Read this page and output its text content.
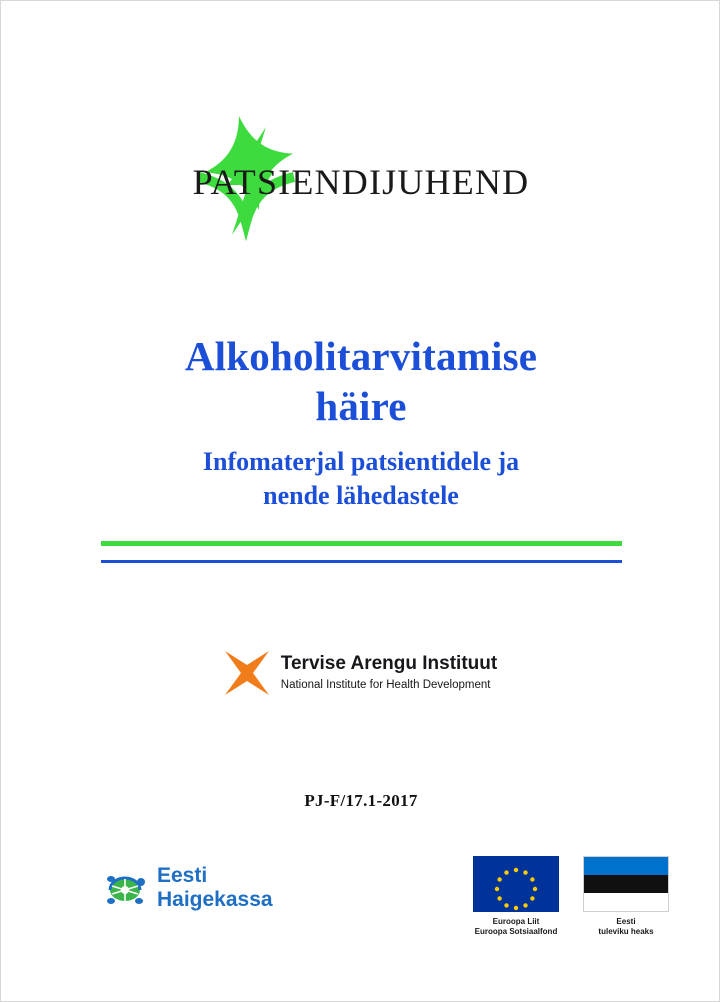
PATSIENDIJUHEND
Alkoholitarvitamise
häire
Infomaterjal patsientidele ja
nende lähedastele
Tervise Arengu Instituut
National Institute for Health Development
PJ-F/17.1-2017
Eesti
Haigekassa
Euroopa Liit
Euroopa Sotsiaalfond
Eesti
tuleviku heaks
